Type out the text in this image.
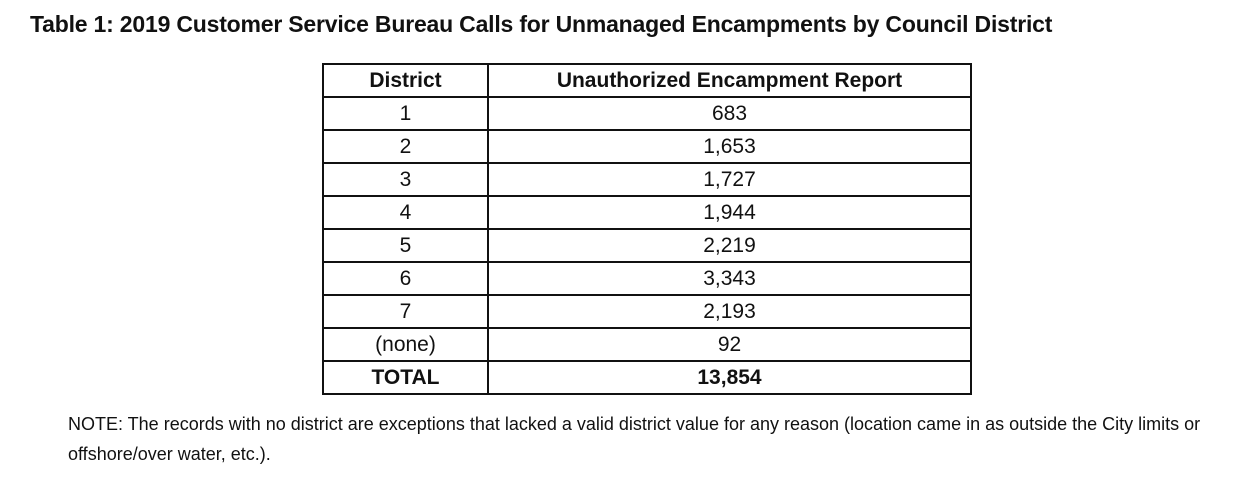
Table 1: 2019 Customer Service Bureau Calls for Unmanaged Encampments by Council District
District	Unauthorized Encampment Report
1	683
2	1,653
3	1,727
4	1,944
5	2,219
6	3,343
7	2,193
(none)	92
TOTAL	13,854
NOTE: The records with no district are exceptions that lacked a valid district value for any reason (location came in as outside the City limits or offshore/over water, etc.).
